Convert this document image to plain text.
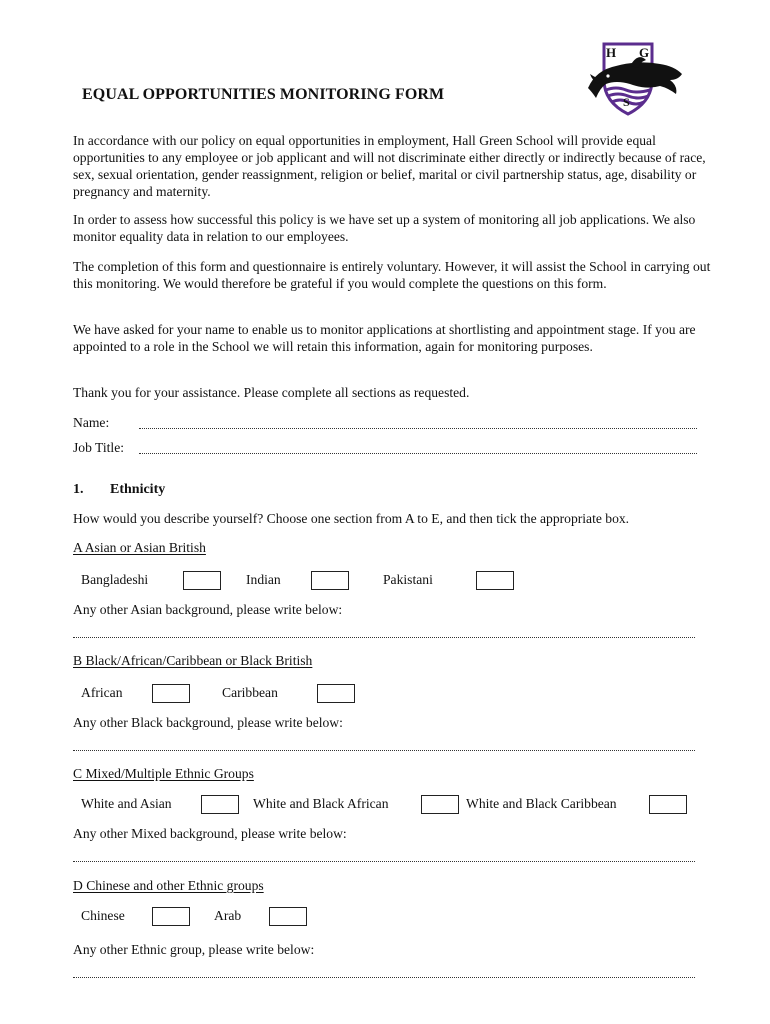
H G
S
EQUAL OPPORTUNITIES MONITORING FORM
In accordance with our policy on equal opportunities in employment, Hall Green School will provide equal opportunities to any employee or job applicant and will not discriminate either directly or indirectly because of race, sex, sexual orientation, gender reassignment, religion or belief, marital or civil partnership status, age, disability or pregnancy and maternity.
In order to assess how successful this policy is we have set up a system of monitoring all job applications. We also monitor equality data in relation to our employees.
The completion of this form and questionnaire is entirely voluntary. However, it will assist the School in carrying out this monitoring. We would therefore be grateful if you would complete the questions on this form.
We have asked for your name to enable us to monitor applications at shortlisting and appointment stage. If you are appointed to a role in the School we will retain this information, again for monitoring purposes.
Thank you for your assistance. Please complete all sections as requested.
Name:
Job Title:
1. Ethnicity
How would you describe yourself? Choose one section from A to E, and then tick the appropriate box.
A Asian or Asian British
Bangladeshi	Indian	Pakistani
Any other Asian background, please write below:
B Black/African/Caribbean or Black British
African	Caribbean
Any other Black background, please write below:
C Mixed/Multiple Ethnic Groups
White and Asian	White and Black African	White and Black Caribbean
Any other Mixed background, please write below:
D Chinese and other Ethnic groups
Chinese	Arab
Any other Ethnic group, please write below:
